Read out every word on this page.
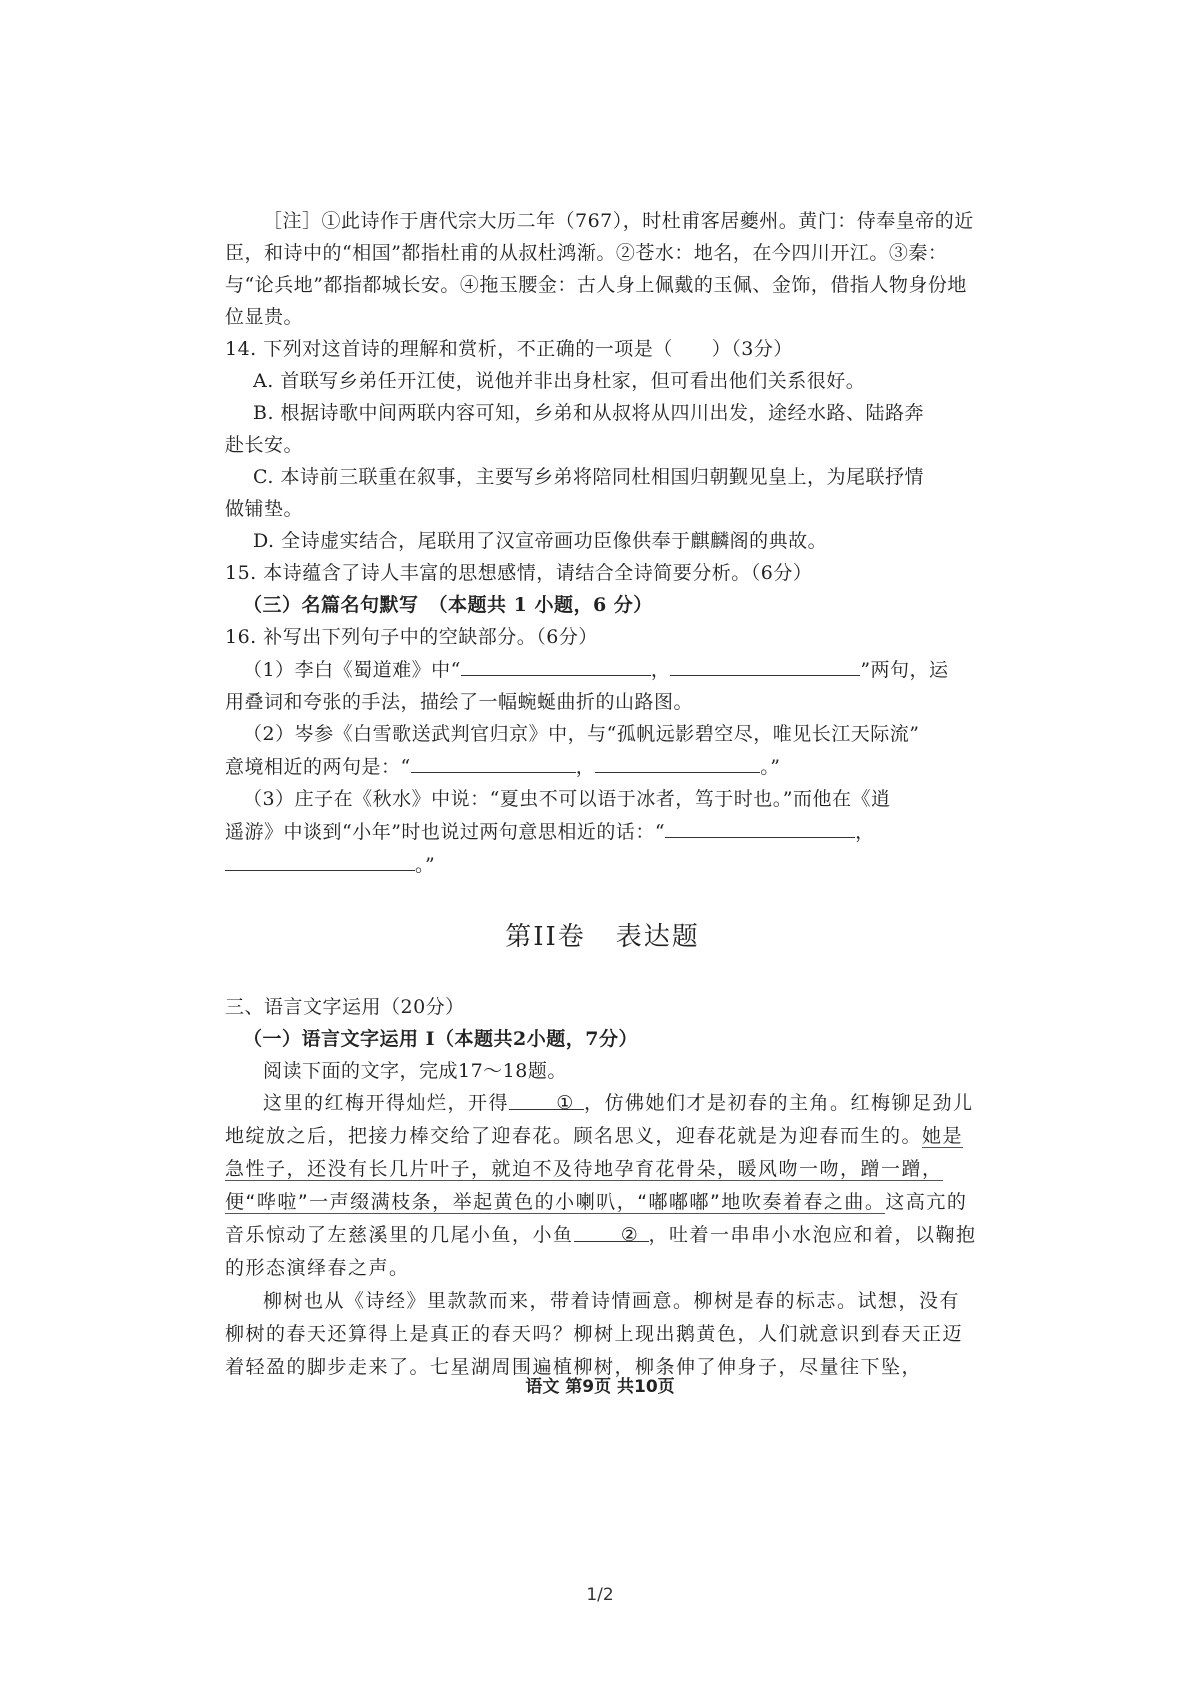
［注］①此诗作于唐代宗大历二年（767），时杜甫客居夔州。黄门：侍奉皇帝的近臣，和诗中的“相国”都指杜甫的从叔杜鸿渐。②苍水：地名，在今四川开江。③秦：与“论兵地”都指都城长安。④拖玉腰金：古人身上佩戴的玉佩、金饰，借指人物身份地位显贵。

14. 下列对这首诗的理解和赏析，不正确的一项是（　　）（3分）

A. 首联写乡弟任开江使，说他并非出身杜家，但可看出他们关系很好。

B. 根据诗歌中间两联内容可知，乡弟和从叔将从四川出发，途经水路、陆路奔

赴长安。

C. 本诗前三联重在叙事，主要写乡弟将陪同杜相国归朝觐见皇上，为尾联抒情

做铺垫。

D. 全诗虚实结合，尾联用了汉宣帝画功臣像供奉于麒麟阁的典故。

15. 本诗蕴含了诗人丰富的思想感情，请结合全诗简要分析。（6分）

（三）名篇名句默写　（本题共 1 小题，6 分）

16. 补写出下列句子中的空缺部分。（6分）

（1）李白《蜀道难》中“	，	”两句，运

用叠词和夸张的手法，描绘了一幅蜿蜒曲折的山路图。

（2）岑参《白雪歌送武判官归京》中，与“孤帆远影碧空尽，唯见长江天际流”

意境相近的两句是：“	，	。”

（3）庄子在《秋水》中说：“夏虫不可以语于冰者，笃于时也。”而他在《逍

遥游》中谈到“小年”时也说过两句意思相近的话：“	，

。”

第II卷 表达题

三、语言文字运用（20分）

（一）语言文字运用 I（本题共2小题，7分）

阅读下面的文字，完成17～18题。

这里的红梅开得灿烂，开得 ① ，仿佛她们才是初春的主角。红梅铆足劲儿地绽放之后，把接力棒交给了迎春花。顾名思义，迎春花就是为迎春而生的。她是急性子，还没有长几片叶子，就迫不及待地孕育花骨朵，暖风吻一吻，蹭一蹭，便“哗啦”一声缀满枝条，举起黄色的小喇叭，“嘟嘟嘟”地吹奏着春之曲。这高亢的音乐惊动了左慈溪里的几尾小鱼，小鱼 ② ，吐着一串串小水泡应和着，以鞠抱的形态演绎春之声。

柳树也从《诗经》里款款而来，带着诗情画意。柳树是春的标志。试想，没有柳树的春天还算得上是真正的春天吗？柳树上现出鹅黄色，人们就意识到春天正迈着轻盈的脚步走来了。七星湖周围遍植柳树，柳条伸了伸身子，尽量往下坠，

语文 第9页 共10页
1/2
